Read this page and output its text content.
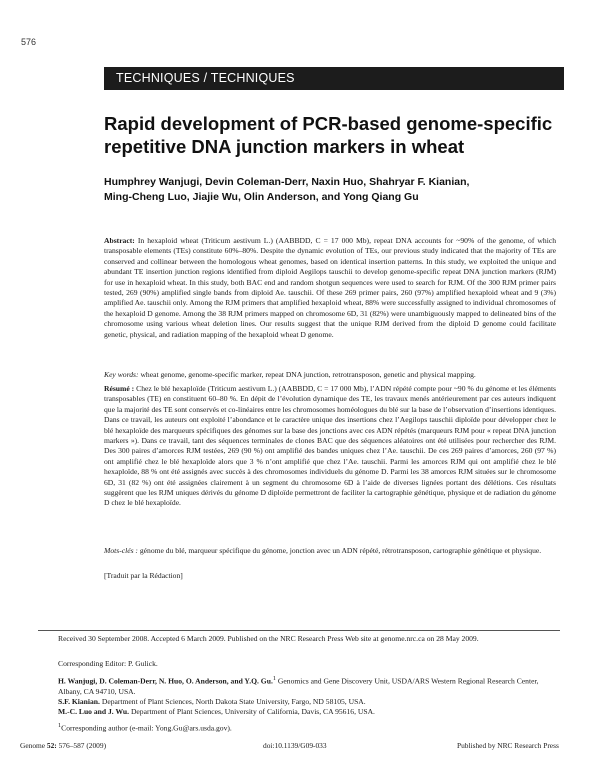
576
TECHNIQUES / TECHNIQUES
Rapid development of PCR-based genome-specific repetitive DNA junction markers in wheat
Humphrey Wanjugi, Devin Coleman-Derr, Naxin Huo, Shahryar F. Kianian,
Ming-Cheng Luo, Jiajie Wu, Olin Anderson, and Yong Qiang Gu

Abstract: In hexaploid wheat (Triticum aestivum L.) (AABBDD, C = 17 000 Mb), repeat DNA accounts for ~90% of the genome, of which transposable elements (TEs) constitute 60%–80%. Despite the dynamic evolution of TEs, our previous study indicated that the majority of TEs are conserved and collinear between the homologous wheat genomes, based on identical insertion patterns. In this study, we exploited the unique and abundant TE insertion junction regions identified from diploid Aegilops tauschii to develop genome-specific repeat DNA junction markers (RJM) for use in hexaploid wheat. In this study, both BAC end and random shotgun sequences were used to search for RJM. Of the 300 RJM primer pairs tested, 269 (90%) amplified single bands from diploid Ae. tauschii. Of these 269 primer pairs, 260 (97%) amplified hexaploid wheat and 9 (3%) amplified Ae. tauschii only. Among the RJM primers that amplified hexaploid wheat, 88% were successfully assigned to individual chromosomes of the hexaploid D genome. Among the 38 RJM primers mapped on chromosome 6D, 31 (82%) were unambiguously mapped to delineated bins of the chromosome using various wheat deletion lines. Our results suggest that the unique RJM derived from the diploid D genome could facilitate genetic, physical, and radiation mapping of the hexaploid wheat D genome.

Key words: wheat genome, genome-specific marker, repeat DNA junction, retrotransposon, genetic and physical mapping.

Résumé : Chez le blé hexaploïde (Triticum aestivum L.) (AABBDD, C = 17 000 Mb), l’ADN répété compte pour ~90 % du génome et les éléments transposables (TE) en constituent 60–80 %. En dépit de l’évolution dynamique des TE, les travaux menés antérieurement par ces auteurs indiquent que la majorité des TE sont conservés et co-linéaires entre les chromosomes homéologues du blé sur la base de l’observation d’insertions identiques. Dans ce travail, les auteurs ont exploité l’abondance et le caractère unique des insertions chez l’Aegilops tauschii diploïde pour développer chez le blé hexaploïde des marqueurs spécifiques des génomes sur la base des jonctions avec ces ADN répétés (marqueurs RJM pour « repeat DNA junction markers »). Dans ce travail, tant des séquences terminales de clones BAC que des séquences aléatoires ont été utilisées pour rechercher des RJM. Des 300 paires d’amorces RJM testées, 269 (90 %) ont amplifié des bandes uniques chez l’Ae. tauschii. De ces 269 paires d’amorces, 260 (97 %) ont amplifié chez le blé hexaploïde alors que 3 % n’ont amplifié que chez l’Ae. tauschii. Parmi les amorces RJM qui ont amplifié chez le blé hexaploïde, 88 % ont été assignés avec succès à des chromosomes individuels du génome D. Parmi les 38 amorces RJM situées sur le chromosome 6D, 31 (82 %) ont été assignées clairement à un segment du chromosome 6D à l’aide de diverses lignées portant des délétions. Ces résultats suggèrent que les RJM uniques dérivés du génome D diploïde permettront de faciliter la cartographie génétique, physique et de radiation du génome D chez le blé hexaploïde.

Mots-clés : génome du blé, marqueur spécifique du génome, jonction avec un ADN répété, rétrotransposon, cartographie génétique et physique.

[Traduit par la Rédaction]

Received 30 September 2008. Accepted 6 March 2009. Published on the NRC Research Press Web site at genome.nrc.ca on 28 May 2009.

Corresponding Editor: P. Gulick.

H. Wanjugi, D. Coleman-Derr, N. Huo, O. Anderson, and Y.Q. Gu.$^1$ Genomics and Gene Discovery Unit, USDA/ARS Western Regional Research Center, Albany, CA 94710, USA.
S.F. Kianian. Department of Plant Sciences, North Dakota State University, Fargo, ND 58105, USA.
M.-C. Luo and J. Wu. Department of Plant Sciences, University of California, Davis, CA 95616, USA.
$^1$Corresponding author (e-mail: Yong.Gu@ars.usda.gov).
Genome 52: 576–587 (2009)	doi:10.1139/G09-033	Published by NRC Research Press
